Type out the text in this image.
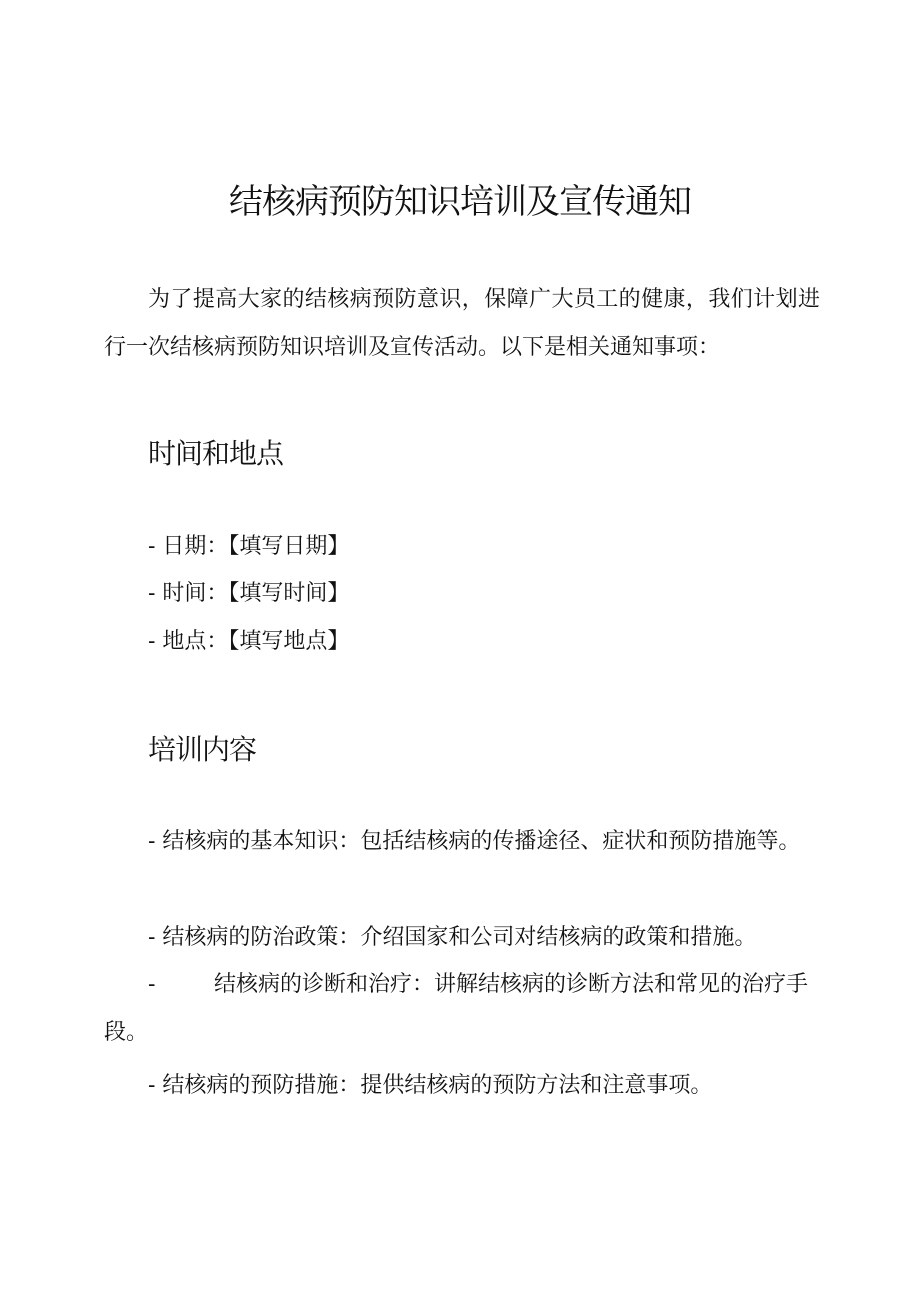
结核病预防知识培训及宣传通知

为了提高大家的结核病预防意识，保障广大员工的健康，我们计划进行一次结核病预防知识培训及宣传活动。以下是相关通知事项：

时间和地点

- 日期：【填写日期】

- 时间：【填写时间】

- 地点：【填写地点】

培训内容

- 结核病的基本知识：包括结核病的传播途径、症状和预防措施等。

- 结核病的防治政策：介绍国家和公司对结核病的政策和措施。

-	结核病的诊断和治疗：讲解结核病的诊断方法和常见的治疗手段。

- 结核病的预防措施：提供结核病的预防方法和注意事项。
